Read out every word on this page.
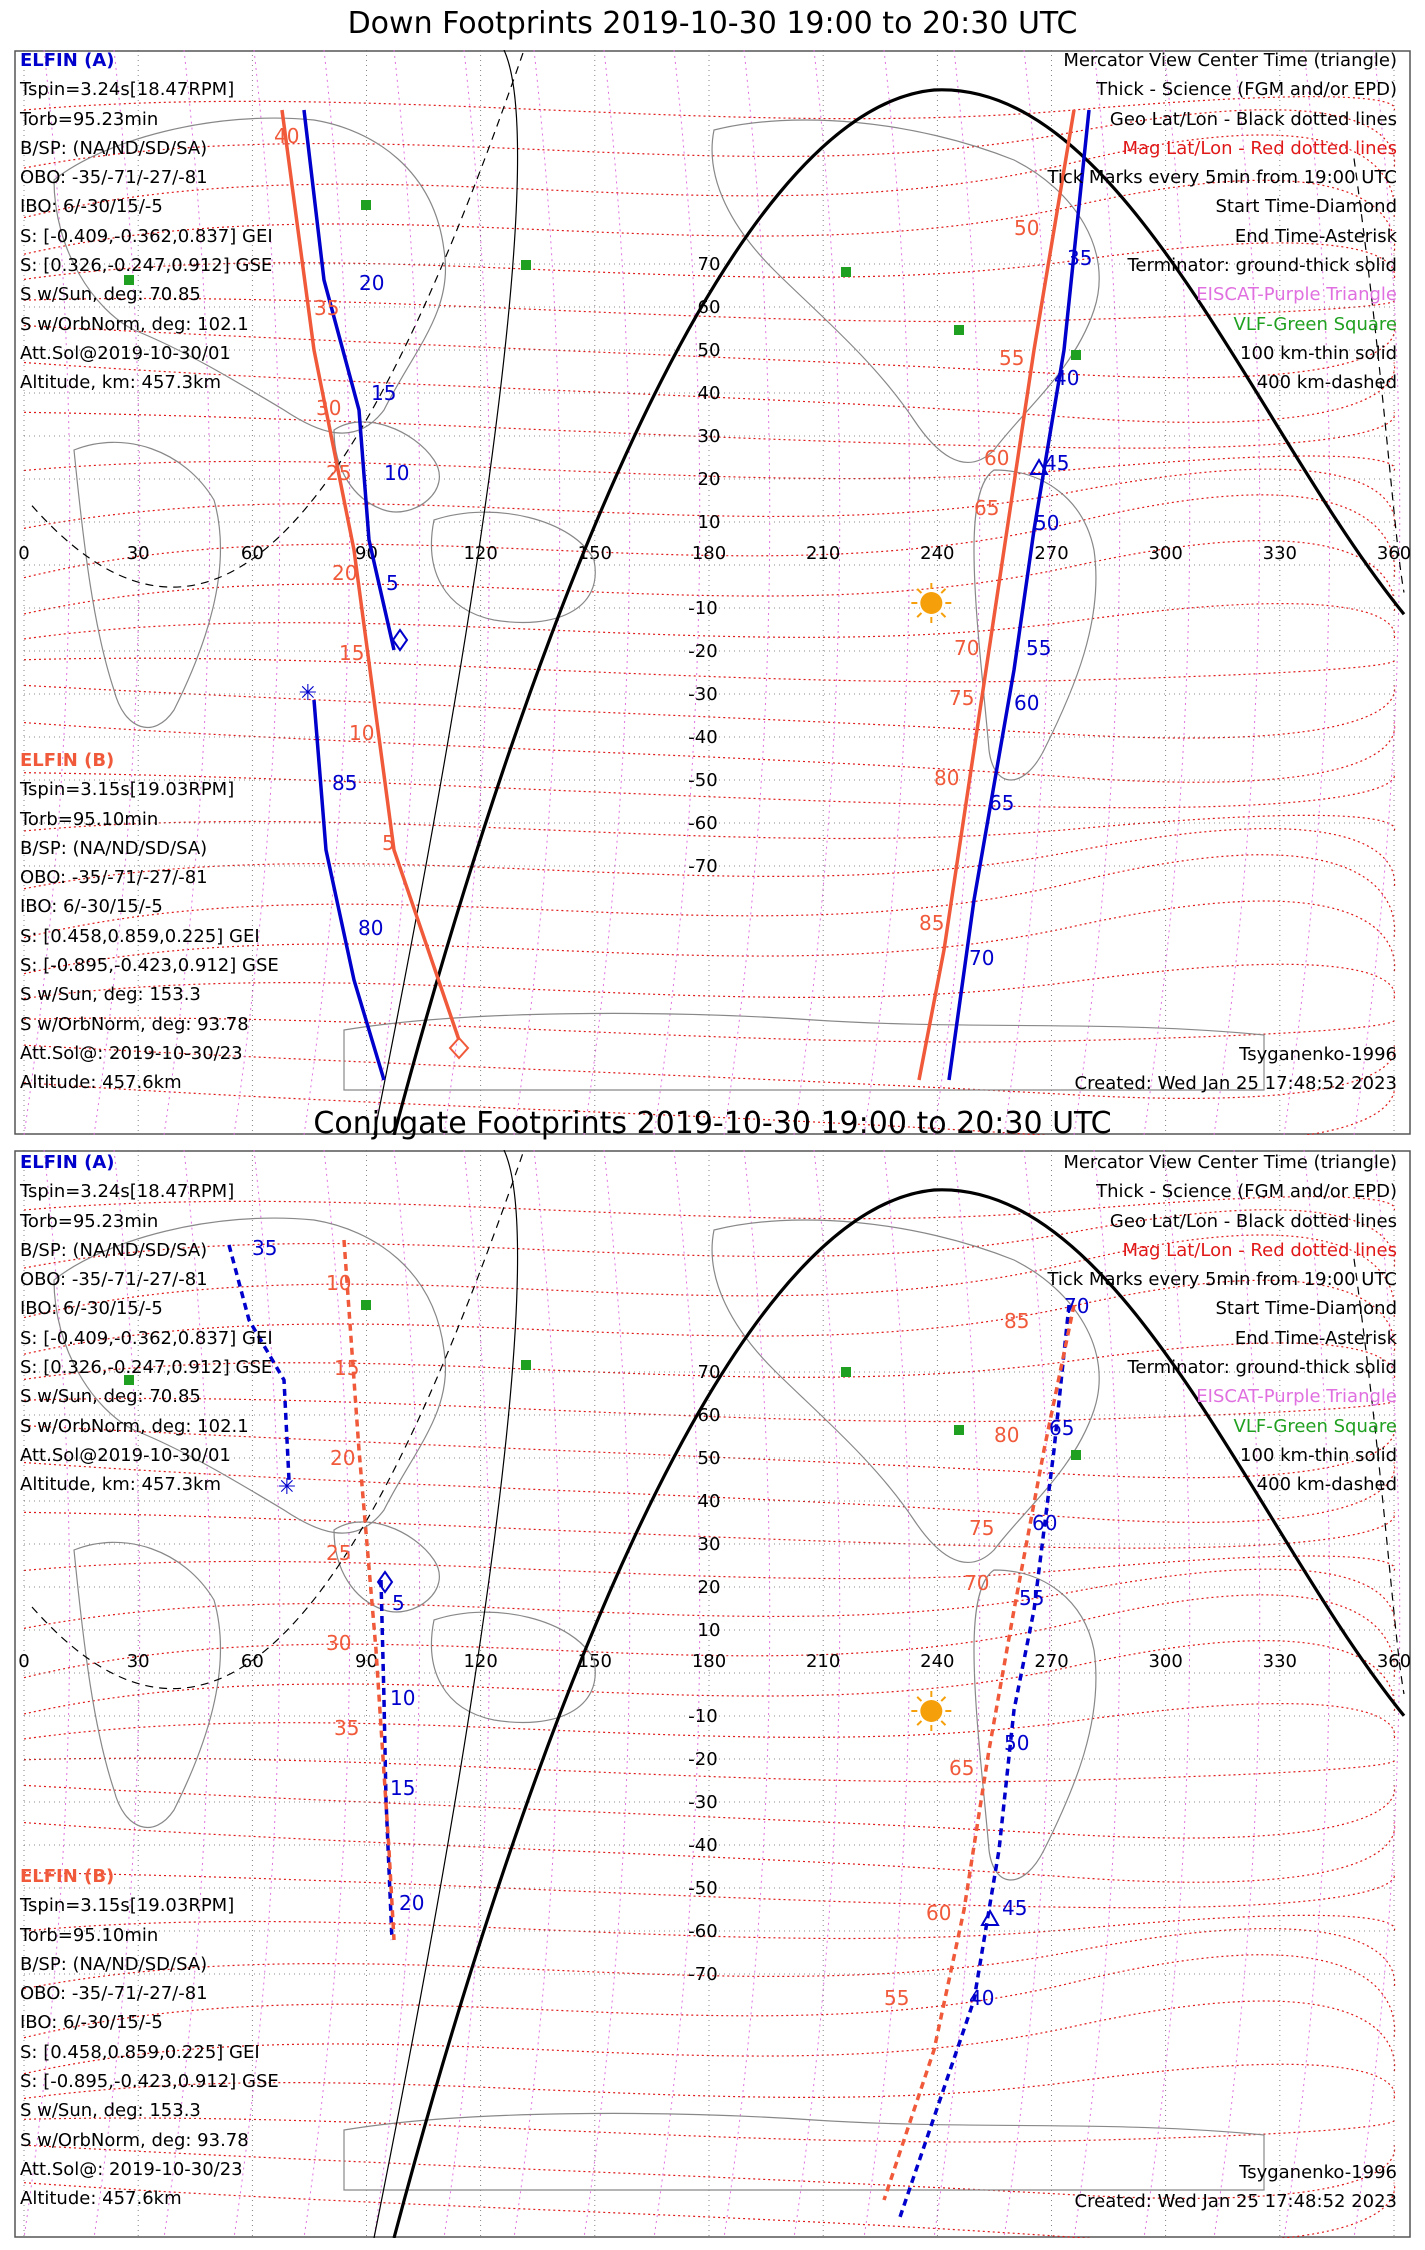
Down Footprints 2019-10-30 19:00 to 20:30 UTC
0	30	60	90	120	150	180	210	240	270	300	330	360
70
60
50
40
30
20
10
-10
-20
-30
-40
-50
-60
-70
✳
20
15
10
5
85
80
35
40
45
50
55
60
65
70
40
35
30
25
20
15
10
5
50
55
60
65
70
75
80
85
ELFIN (A)
Tspin=3.24s[18.47RPM]
Torb=95.23min
B/SP: (NA/ND/SD/SA)
OBO: -35/-71/-27/-81
IBO: 6/-30/15/-5
S: [-0.409,-0.362,0.837] GEI
S: [0.326,-0.247,0.912] GSE
S w/Sun, deg: 70.85
S w/OrbNorm, deg: 102.1
Att.Sol@2019-10-30/01
Altitude, km: 457.3km
ELFIN (B)
Tspin=3.15s[19.03RPM]
Torb=95.10min
B/SP: (NA/ND/SD/SA)
OBO: -35/-71/-27/-81
IBO: 6/-30/15/-5
S: [0.458,0.859,0.225] GEI
S: [-0.895,-0.423,0.912] GSE
S w/Sun, deg: 153.3
S w/OrbNorm, deg: 93.78
Att.Sol@: 2019-10-30/23
Altitude: 457.6km
Mercator View Center Time (triangle)
Thick - Science (FGM and/or EPD)
Geo Lat/Lon - Black dotted lines
Mag Lat/Lon - Red dotted lines
Tick Marks every 5min from 19:00 UTC
Start Time-Diamond
End Time-Asterisk
Terminator: ground-thick solid
EISCAT-Purple Triangle
VLF-Green Square
100 km-thin solid
400 km-dashed
Tsyganenko-1996
Created: Wed Jan 25 17:48:52 2023
Conjugate Footprints 2019-10-30 19:00 to 20:30 UTC
0	30	60	90	120	150	180	210	240	270	300	330	360
70
60
50
40
30
20
10
-10
-20
-30
-40
-50
-60
-70
✳
35
5
10
15
20
70
65
60
55
50
45
40
10
15
20
25
30
35
85
80
75
70
65
60
55
ELFIN (A)
Tspin=3.24s[18.47RPM]
Torb=95.23min
B/SP: (NA/ND/SD/SA)
OBO: -35/-71/-27/-81
IBO: 6/-30/15/-5
S: [-0.409,-0.362,0.837] GEI
S: [0.326,-0.247,0.912] GSE
S w/Sun, deg: 70.85
S w/OrbNorm, deg: 102.1
Att.Sol@2019-10-30/01
Altitude, km: 457.3km
ELFIN (B)
Tspin=3.15s[19.03RPM]
Torb=95.10min
B/SP: (NA/ND/SD/SA)
OBO: -35/-71/-27/-81
IBO: 6/-30/15/-5
S: [0.458,0.859,0.225] GEI
S: [-0.895,-0.423,0.912] GSE
S w/Sun, deg: 153.3
S w/OrbNorm, deg: 93.78
Att.Sol@: 2019-10-30/23
Altitude: 457.6km
Mercator View Center Time (triangle)
Thick - Science (FGM and/or EPD)
Geo Lat/Lon - Black dotted lines
Mag Lat/Lon - Red dotted lines
Tick Marks every 5min from 19:00 UTC
Start Time-Diamond
End Time-Asterisk
Terminator: ground-thick solid
EISCAT-Purple Triangle
VLF-Green Square
100 km-thin solid
400 km-dashed
Tsyganenko-1996
Created: Wed Jan 25 17:48:52 2023
